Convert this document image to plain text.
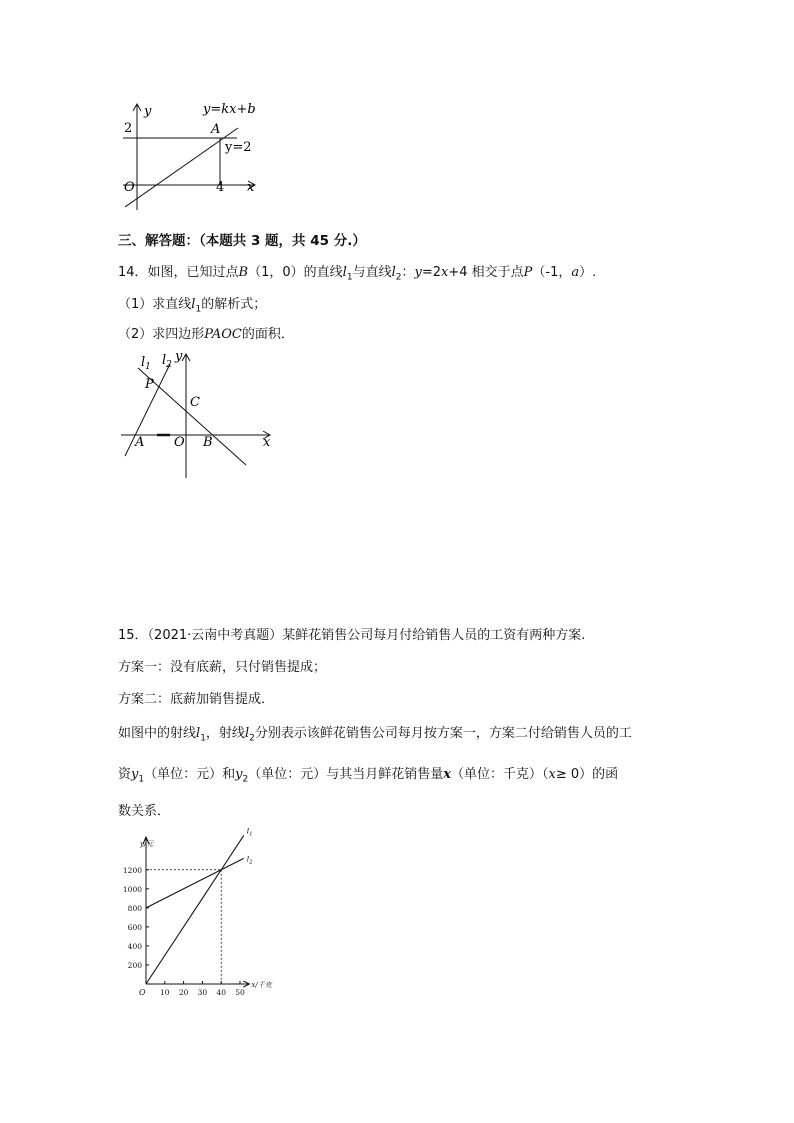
y	y=kx+b
2	A
y=2
O	4 x
三、解答题：（本题共 3 题，共 45 分.）
14．如图，已知过点B（1，0）的直线$l_1$与直线$l_2$：y=2x+4 相交于点P（-1，a）.
（1）求直线$l_1$的解析式；
（2）求四边形PAOC的面积．
$l_1$ $l_2$
y
P
C
A O B	x
15．（2021·云南中考真题）某鲜花销售公司每月付给销售人员的工资有两种方案.
方案一：没有底薪，只付销售提成；
方案二：底薪加销售提成．
如图中的射线$l_1$，射线$l_2$分别表示该鲜花销售公司每月按方案一，方案二付给销售人员的工
资$y_1$（单位：元）和$y_2$（单位：元）与其当月鲜花销售量x（单位：千克）（x≥ 0）的函
数关系．
200
400
600
800
1000
1200
10 20 30 40 50
O
y/元
x/千克
$l_1$
$l_2$
